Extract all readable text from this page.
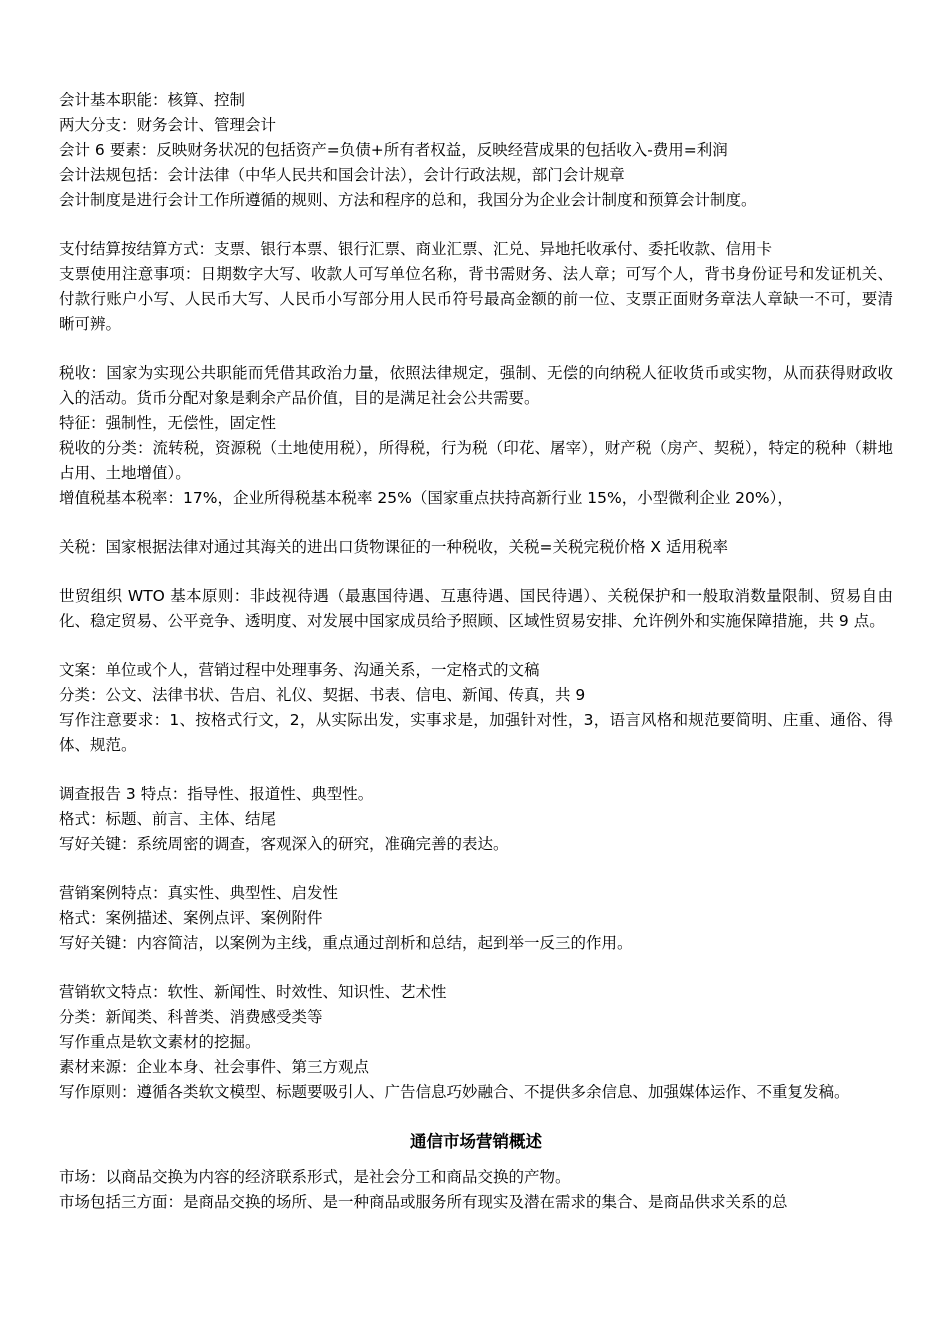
会计基本职能：核算、控制
两大分支：财务会计、管理会计
会计 6 要素：反映财务状况的包括资产=负债+所有者权益，反映经营成果的包括收入-费用=利润
会计法规包括：会计法律（中华人民共和国会计法），会计行政法规，部门会计规章
会计制度是进行会计工作所遵循的规则、方法和程序的总和，我国分为企业会计制度和预算会计制度。
支付结算按结算方式：支票、银行本票、银行汇票、商业汇票、汇兑、异地托收承付、委托收款、信用卡
支票使用注意事项：日期数字大写、收款人可写单位名称，背书需财务、法人章；可写个人，背书身份证号和发证机关、付款行账户小写、人民币大写、人民币小写部分用人民币符号最高金额的前一位、支票正面财务章法人章缺一不可，要清晰可辨。
税收：国家为实现公共职能而凭借其政治力量，依照法律规定，强制、无偿的向纳税人征收货币或实物，从而获得财政收入的活动。货币分配对象是剩余产品价值，目的是满足社会公共需要。
特征：强制性，无偿性，固定性
税收的分类：流转税，资源税（土地使用税），所得税，行为税（印花、屠宰），财产税（房产、契税），特定的税种（耕地占用、土地增值）。
增值税基本税率：17%，企业所得税基本税率 25%（国家重点扶持高新行业 15%，小型微利企业 20%），
关税：国家根据法律对通过其海关的进出口货物课征的一种税收，关税=关税完税价格 X 适用税率
世贸组织 WTO 基本原则：非歧视待遇（最惠国待遇、互惠待遇、国民待遇）、关税保护和一般取消数量限制、贸易自由化、稳定贸易、公平竞争、透明度、对发展中国家成员给予照顾、区域性贸易安排、允许例外和实施保障措施，共 9 点。
文案：单位或个人，营销过程中处理事务、沟通关系，一定格式的文稿
分类：公文、法律书状、告启、礼仪、契据、书表、信电、新闻、传真，共 9
写作注意要求：1、按格式行文，2，从实际出发，实事求是，加强针对性，3，语言风格和规范要简明、庄重、通俗、得体、规范。
调查报告 3 特点：指导性、报道性、典型性。
格式：标题、前言、主体、结尾
写好关键：系统周密的调查，客观深入的研究，准确完善的表达。
营销案例特点：真实性、典型性、启发性
格式：案例描述、案例点评、案例附件
写好关键：内容简洁，以案例为主线，重点通过剖析和总结，起到举一反三的作用。
营销软文特点：软性、新闻性、时效性、知识性、艺术性
分类：新闻类、科普类、消费感受类等
写作重点是软文素材的挖掘。
素材来源：企业本身、社会事件、第三方观点
写作原则：遵循各类软文模型、标题要吸引人、广告信息巧妙融合、不提供多余信息、加强媒体运作、不重复发稿。
通信市场营销概述
市场：以商品交换为内容的经济联系形式，是社会分工和商品交换的产物。
市场包括三方面：是商品交换的场所、是一种商品或服务所有现实及潜在需求的集合、是商品供求关系的总
